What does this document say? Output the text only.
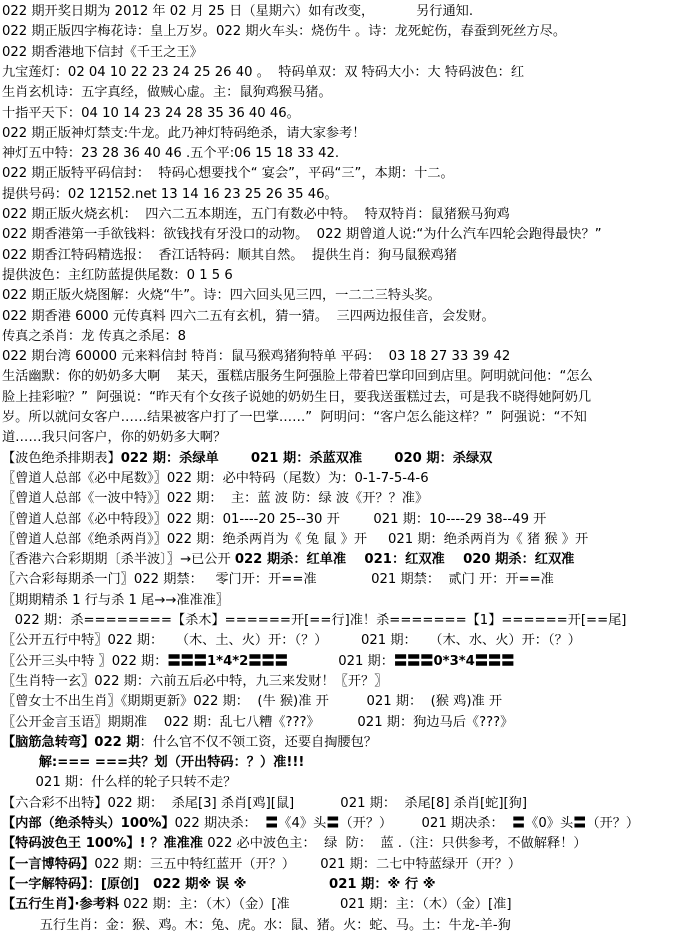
022 期开奖日期为 2012 年 02 月 25 日（星期六）如有改变，          另行通知.
022 期正版四字梅花诗：皇上万岁。022 期火车头：烧伤牛 。诗：龙死蛇伤，春蚕到死丝方尽。
022 期香港地下信封《千王之王》
九宝莲灯：02 04 10 22 23 24 25 26 40 。  特码单双：双 特码大小：大 特码波色：红
生肖玄机诗：五字真经，做贼心虚。主：鼠狗鸡猴马猪。
十指平天下：04 10 14 23 24 28 35 36 40 46。
022 期正版神灯禁支:牛龙。此乃神灯特码绝杀，请大家参考！
神灯五中特：23 28 36 40 46 .五个平:06 15 18 33 42.
022 期正版特平码信封：  特码心想要找个“ 宴会”，平码“三”，本期：十二。
提供号码：02 12152.net 13 14 16 23 25 26 35 46。
022 期正版火烧玄机：  四六二五本期连，五门有数必中特。  特双特肖：鼠猪猴马狗鸡
022 期香港第一手欲钱料：欲钱找有牙没口的动物。  022 期曾道人说:“为什么汽车四轮会跑得最快？”
022 期香江特码精选报：  香江话特码：顺其自然。  提供生肖：狗马鼠猴鸡猪
提供波色：主红防蓝提供尾数：0 1 5 6
022 期正版火烧图解：火烧“牛”。诗：四六回头见三四，一二二三特头奖。
022 期香港 6000 元传真料 四六二五有玄机，猜一猜。  三四两边报佳音，会发财。
传真之杀肖：龙 传真之杀尾：8
022 期台湾 60000 元来料信封 特肖：鼠马猴鸡猪狗特单 平码：  03 18 27 33 39 42
生活幽默：你的奶奶多大啊    某天，蛋糕店服务生阿强脸上带着巴掌印回到店里。阿明就问他：“怎么
脸上挂彩啦？”  阿强说：“昨天有个女孩子说她的奶奶生日，要我送蛋糕过去，可是我不晓得她阿奶几
岁。所以就问女客户……结果被客户打了一巴掌……”  阿明问：“客户怎么能这样？”  阿强说：“不知
道……我只问客户，你的奶奶多大啊？
【波色绝杀排期表】022 期：杀绿单       021 期：杀蓝双准       020 期：杀绿双
〖曾道人总部《必中尾数》〗022 期：必中特码（尾数）为：0-1-7-5-4-6
〖曾道人总部《一波中特》〗022 期：  主：蓝 波 防：绿 波《开？？准》
〖曾道人总部《必中特段》〗022 期：01----20 25--30 开        021 期：10----29 38--49 开
〖曾道人总部《绝杀两肖》〗022 期：绝杀两肖为《 兔 鼠 》开     021 期：绝杀两肖为《 猪 猴 》开
〖香港六合彩期期〔杀半波〕〗→已公开 022 期杀：红单准    021：红双准    020 期杀：红双准
〖六合彩每期杀一门〗022 期禁：   零门开：开==准             021 期禁：  贰门 开：开==准
〖期期精杀 1 行与杀 1 尾→→准准准〗
022 期：杀========【杀木】======开[==行]准！杀=======【1】======开[==尾]
〖公开五行中特〗022 期：   （木、土、火）开：（？）        021 期：   （木、水、火）开：（？）
〖公开三头中特 〗022 期：〓〓〓1*4*2〓〓〓            021 期：〓〓〓0*3*4〓〓〓
〖生肖特一玄〗022 期：六前五后必中特，九三来发财！〖开？〗
〖曾女士不出生肖〗《期期更新》022 期：  (牛 猴)准 开         021 期：  (猴 鸡)准 开
〖公开金言玉语〗期期准    022 期：乱七八糟《???》         021 期：狗边马后《???》
【脑筋急转弯】022 期：什么官不仅不领工资，还要自掏腰包？
解:=== ===共？划（开出特码：？）准!!!
021 期：什么样的轮子只转不走？
【六合彩不出特】022 期：  杀尾[3] 杀肖[鸡][鼠]           021 期：  杀尾[8] 杀肖[蛇][狗]
【内部（绝杀特头）100%】022 期决杀：  〓《4》头〓（开？）       021 期决杀：  〓《0》头〓（开？）
【特码波色王 100%】! ？准准准 022 必中波色主：  绿  防：  蓝 .（注：只供参考，不做解释！）
【一言博特码】022 期：三五中特红蓝开（开？）      021 期：二七中特蓝绿开（开？）
【一字解特码】：[原创]   022 期※ 误 ※                  021 期：※ 行 ※
【五行生肖】·参考料 022 期：主：（木）（金）[准            021 期：主：（木）（金）[准]
五行生肖：金：猴、鸡。木：兔、虎。水：鼠、猪。火：蛇、马。土：牛龙-羊-狗
